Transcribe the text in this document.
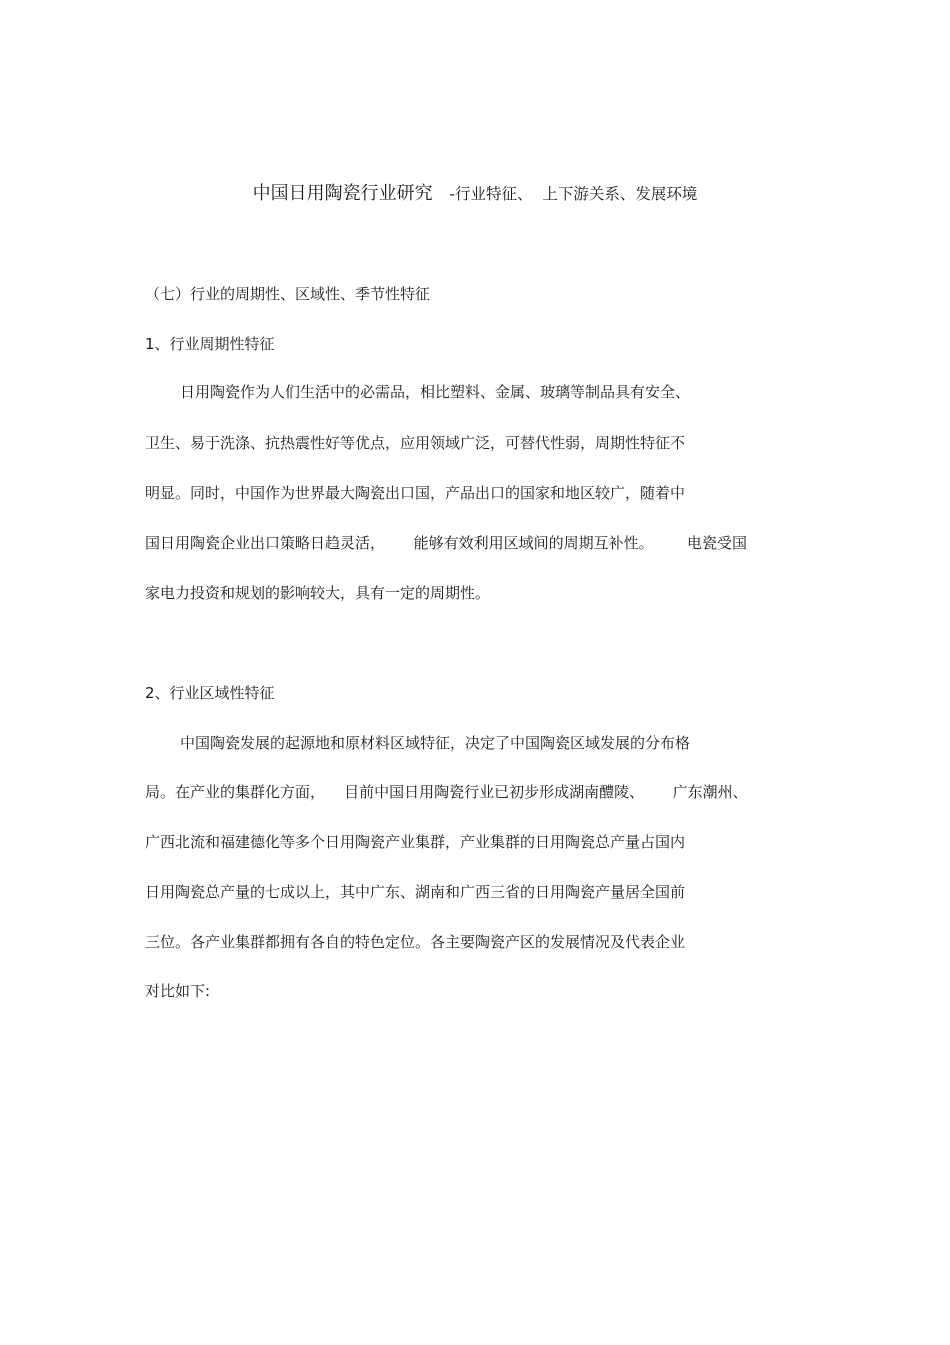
中国日用陶瓷行业研究 -行业特征、  上下游关系、发展环境
（七）行业的周期性、区域性、季节性特征
1、行业周期性特征
日用陶瓷作为人们生活中的必需品，相比塑料、金属、玻璃等制品具有安全、
卫生、易于洗涤、抗热震性好等优点，应用领域广泛，可替代性弱，周期性特征不
明显。同时，中国作为世界最大陶瓷出口国，产品出口的国家和地区较广，随着中
国日用陶瓷企业出口策略日趋灵活，      能够有效利用区域间的周期互补性。       电瓷受国
家电力投资和规划的影响较大，具有一定的周期性。
2、行业区域性特征
中国陶瓷发展的起源地和原材料区域特征，决定了中国陶瓷区域发展的分布格
局。在产业的集群化方面，    目前中国日用陶瓷行业已初步形成湖南醴陵、      广东潮州、
广西北流和福建德化等多个日用陶瓷产业集群，产业集群的日用陶瓷总产量占国内
日用陶瓷总产量的七成以上，其中广东、湖南和广西三省的日用陶瓷产量居全国前
三位。各产业集群都拥有各自的特色定位。各主要陶瓷产区的发展情况及代表企业
对比如下:
